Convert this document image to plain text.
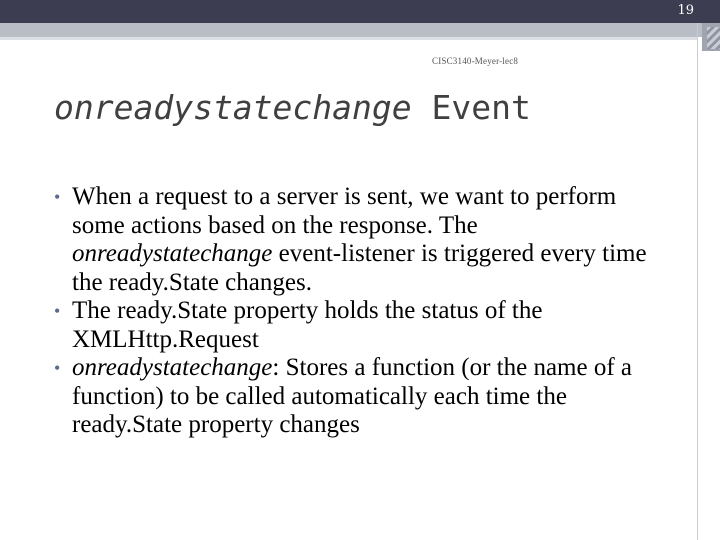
19
CISC3140-Meyer-lec8
onreadystatechange Event

• When a request to a server is sent, we want to perform some actions based on the response. The onreadystatechange event-listener is triggered every time the ready.State changes.

• The ready.State property holds the status of the XMLHttp.Request

• onreadystatechange: Stores a function (or the name of a function) to be called automatically each time the ready.State property changes
